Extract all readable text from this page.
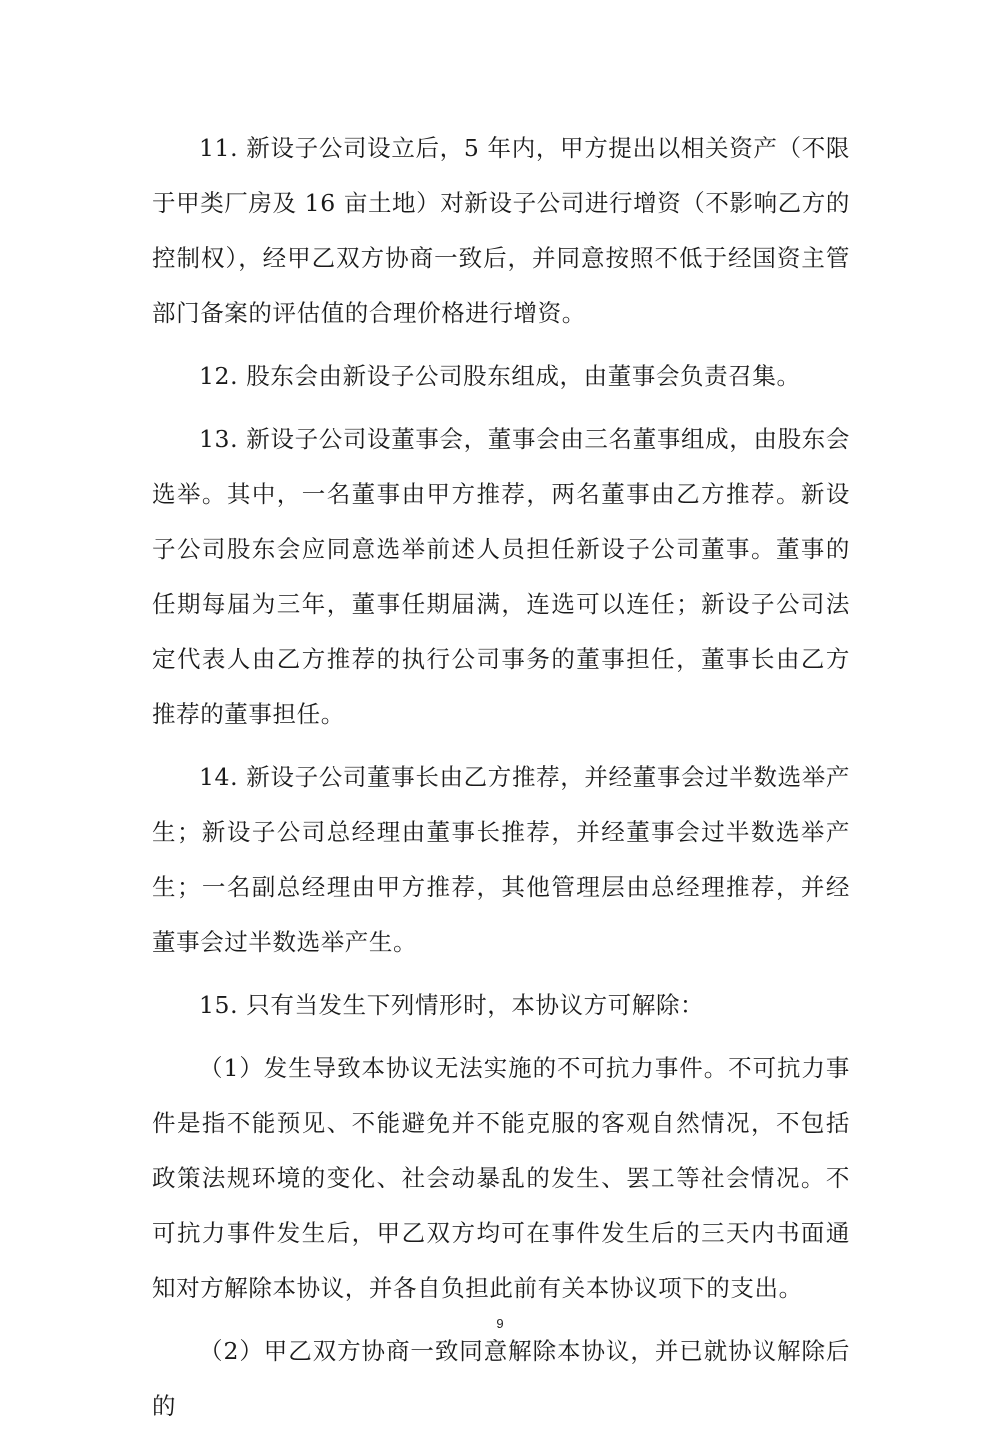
11. 新设子公司设立后，5 年内，甲方提出以相关资产（不限于甲类厂房及 16 亩土地）对新设子公司进行增资（不影响乙方的控制权），经甲乙双方协商一致后，并同意按照不低于经国资主管部门备案的评估值的合理价格进行增资。

12. 股东会由新设子公司股东组成，由董事会负责召集。

13. 新设子公司设董事会，董事会由三名董事组成，由股东会选举。其中，一名董事由甲方推荐，两名董事由乙方推荐。新设子公司股东会应同意选举前述人员担任新设子公司董事。董事的任期每届为三年，董事任期届满，连选可以连任；新设子公司法定代表人由乙方推荐的执行公司事务的董事担任，董事长由乙方推荐的董事担任。

14. 新设子公司董事长由乙方推荐，并经董事会过半数选举产生；新设子公司总经理由董事长推荐，并经董事会过半数选举产生；一名副总经理由甲方推荐，其他管理层由总经理推荐，并经董事会过半数选举产生。

15. 只有当发生下列情形时，本协议方可解除：

（1）发生导致本协议无法实施的不可抗力事件。不可抗力事件是指不能预见、不能避免并不能克服的客观自然情况，不包括政策法规环境的变化、社会动暴乱的发生、罢工等社会情况。不可抗力事件发生后，甲乙双方均可在事件发生后的三天内书面通知对方解除本协议，并各自负担此前有关本协议项下的支出。

（2）甲乙双方协商一致同意解除本协议，并已就协议解除后的

9
